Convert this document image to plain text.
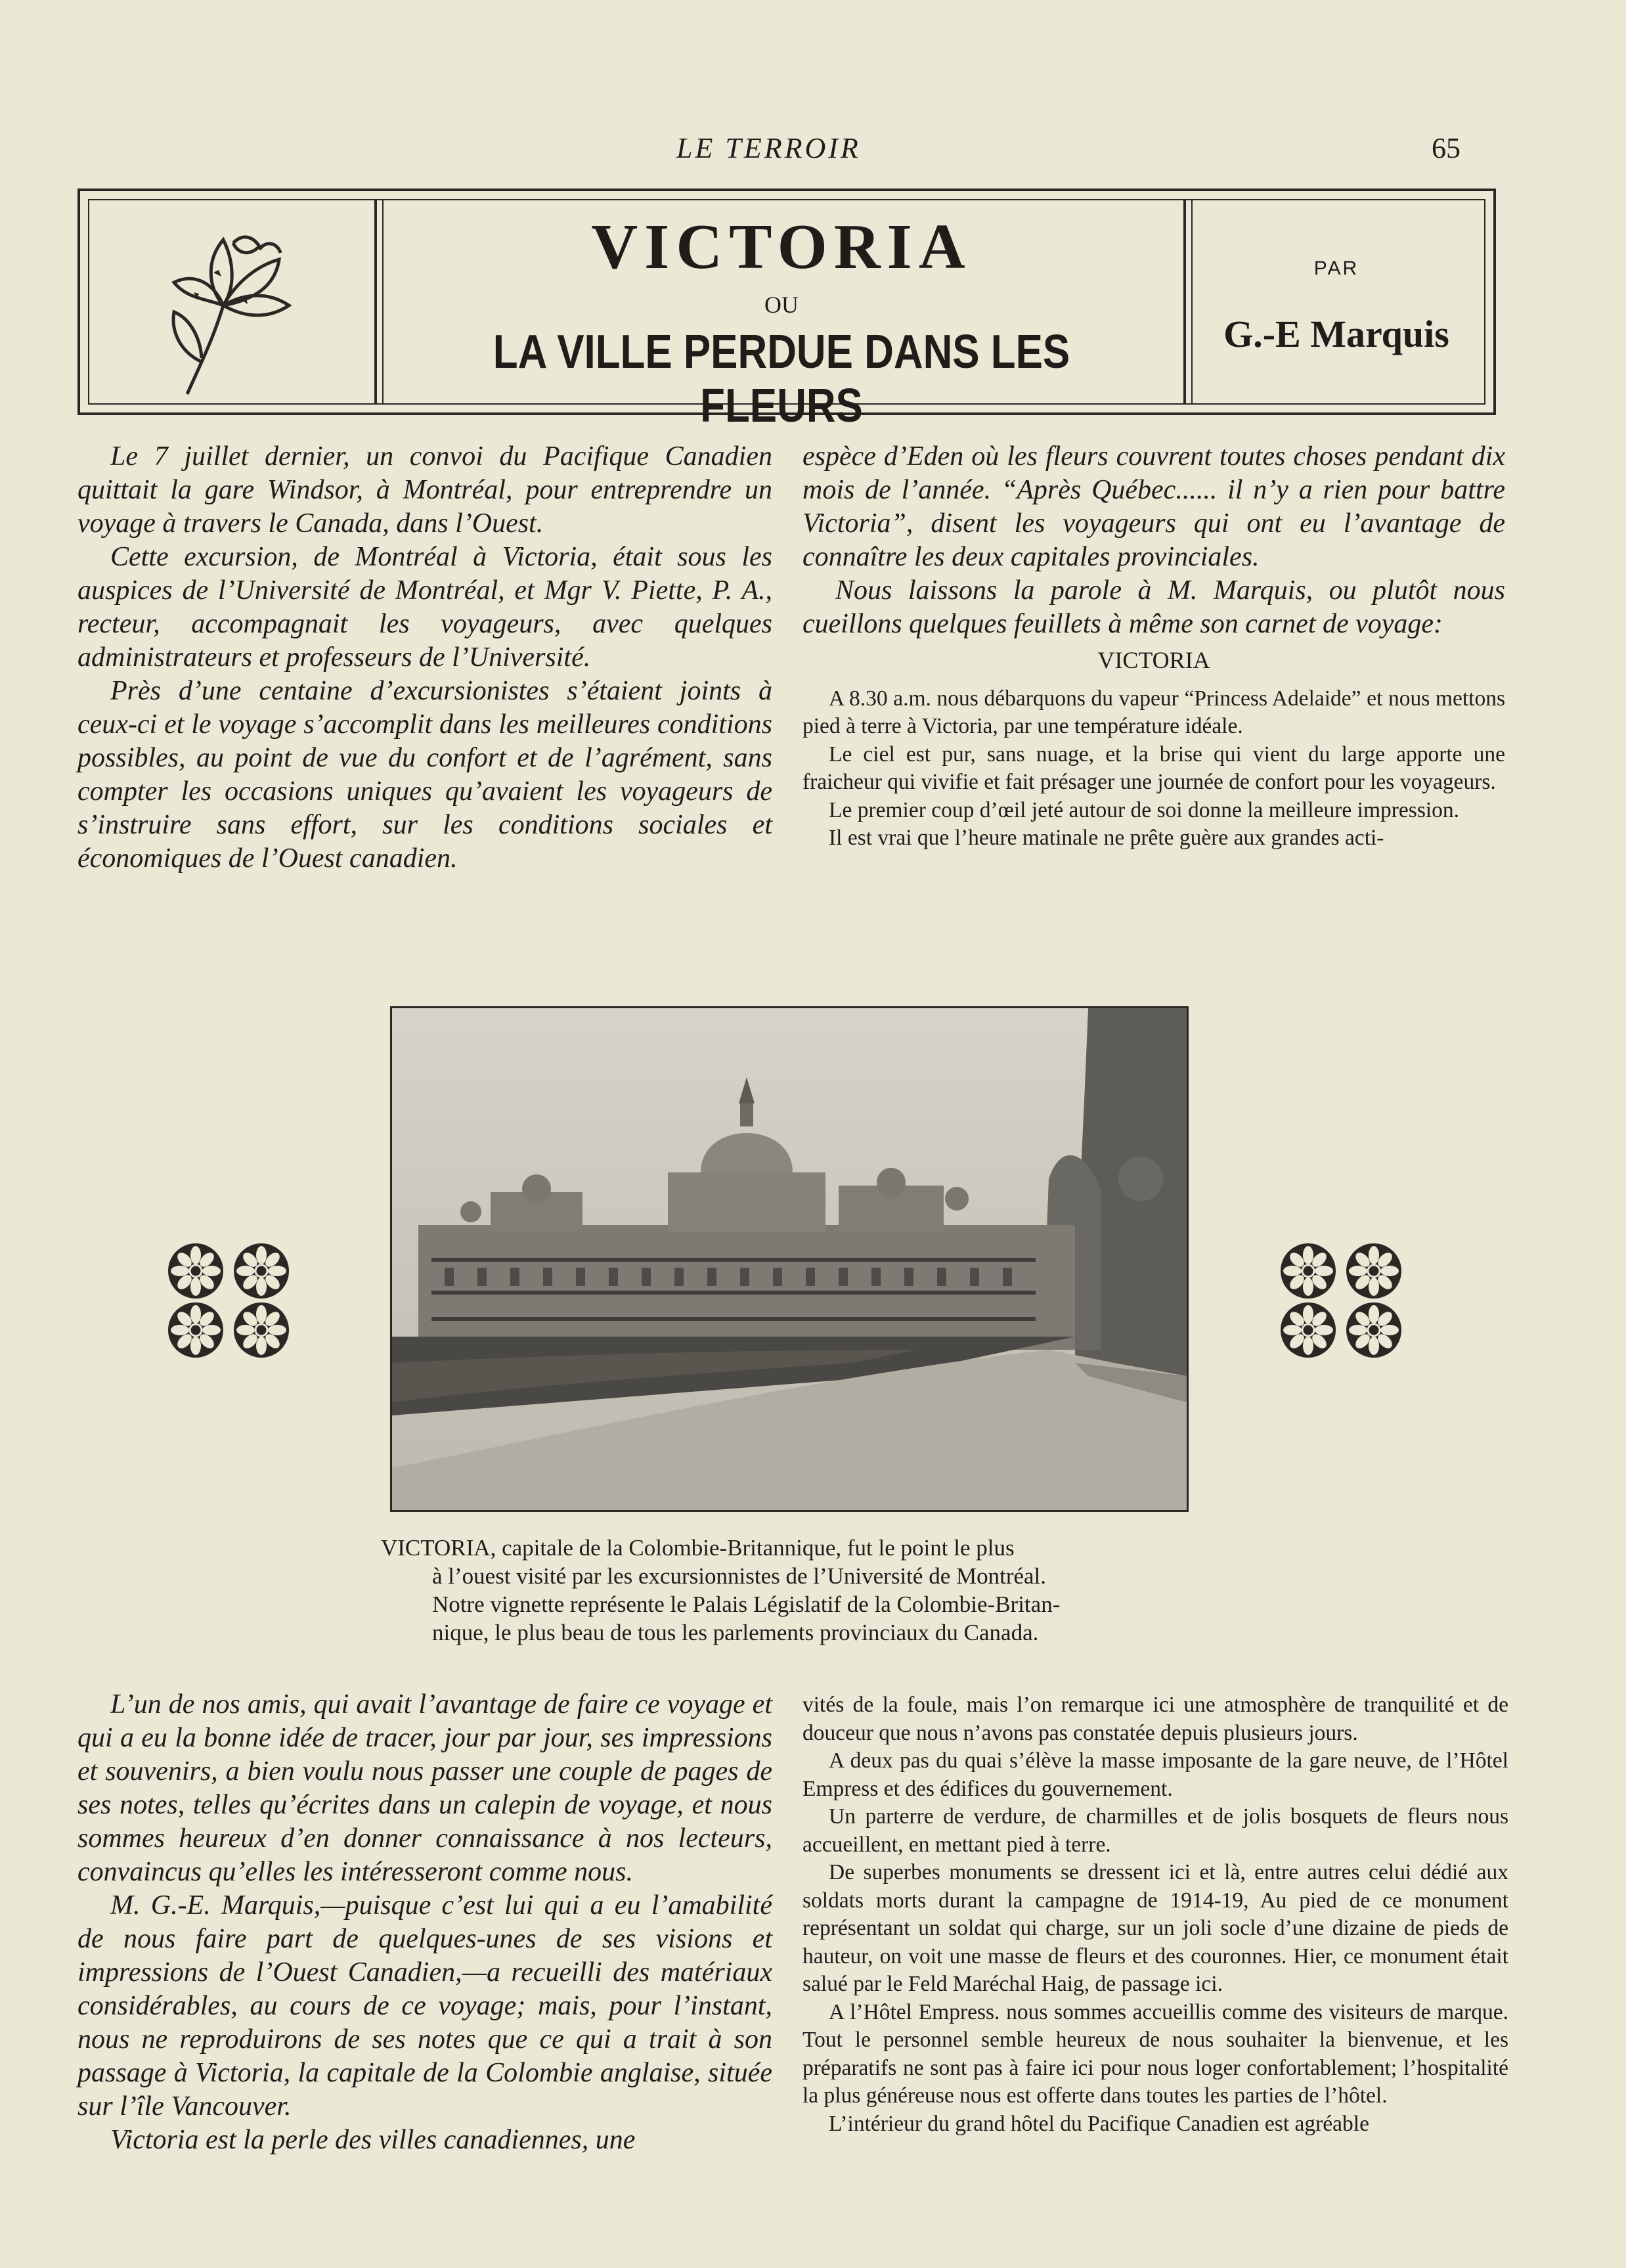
LE TERROIR	65
VICTORIA
OU
LA VILLE PERDUE DANS LES FLEURS
PAR
G.-E Marquis

Le 7 juillet dernier, un convoi du Pacifique Canadien quittait la gare Windsor, à Montréal, pour entreprendre un voyage à travers le Canada, dans l’Ouest.

Cette excursion, de Montréal à Victoria, était sous les auspices de l’Université de Montréal, et Mgr V. Piette, P. A., recteur, accompagnait les voyageurs, avec quelques administrateurs et professeurs de l’Université.

Près d’une centaine d’excursionistes s’étaient joints à ceux-ci et le voyage s’accomplit dans les meilleures conditions possibles, au point de vue du confort et de l’agrément, sans compter les occasions uniques qu’avaient les voyageurs de s’instruire sans effort, sur les conditions sociales et économiques de l’Ouest canadien.

espèce d’Eden où les fleurs couvrent toutes choses pendant dix mois de l’année. “Après Québec...... il n’y a rien pour battre Victoria”, disent les voyageurs qui ont eu l’avantage de connaître les deux capitales provinciales.

Nous laissons la parole à M. Marquis, ou plutôt nous cueillons quelques feuillets à même son carnet de voyage:

VICTORIA

A 8.30 a.m. nous débarquons du vapeur “Princess Adelaide” et nous mettons pied à terre à Victoria, par une température idéale.

Le ciel est pur, sans nuage, et la brise qui vient du large apporte une fraicheur qui vivifie et fait présager une journée de confort pour les voyageurs.

Le premier coup d’œil jeté autour de soi donne la meilleure impression.

Il est vrai que l’heure matinale ne prête guère aux grandes acti-

VICTORIA, capitale de la Colombie-Britannique, fut le point le plus
à l’ouest visité par les excursionnistes de l’Université de Montréal.
Notre vignette représente le Palais Législatif de la Colombie-Britan-
nique, le plus beau de tous les parlements provinciaux du Canada.

L’un de nos amis, qui avait l’avantage de faire ce voyage et qui a eu la bonne idée de tracer, jour par jour, ses impressions et souvenirs, a bien voulu nous passer une couple de pages de ses notes, telles qu’écrites dans un calepin de voyage, et nous sommes heureux d’en donner connaissance à nos lecteurs, convaincus qu’elles les intéresseront comme nous.

M. G.-E. Marquis,—puisque c’est lui qui a eu l’amabilité de nous faire part de quelques-unes de ses visions et impressions de l’Ouest Canadien,—a recueilli des matériaux considérables, au cours de ce voyage; mais, pour l’instant, nous ne reproduirons de ses notes que ce qui a trait à son passage à Victoria, la capitale de la Colombie anglaise, située sur l’île Vancouver.

Victoria est la perle des villes canadiennes, une

vités de la foule, mais l’on remarque ici une atmosphère de tranquilité et de douceur que nous n’avons pas constatée depuis plusieurs jours.

A deux pas du quai s’élève la masse imposante de la gare neuve, de l’Hôtel Empress et des édifices du gouvernement.

Un parterre de verdure, de charmilles et de jolis bosquets de fleurs nous accueillent, en mettant pied à terre.

De superbes monuments se dressent ici et là, entre autres celui dédié aux soldats morts durant la campagne de 1914-19, Au pied de ce monument représentant un soldat qui charge, sur un joli socle d’une dizaine de pieds de hauteur, on voit une masse de fleurs et des couronnes. Hier, ce monument était salué par le Feld Maréchal Haig, de passage ici.

A l’Hôtel Empress. nous sommes accueillis comme des visiteurs de marque. Tout le personnel semble heureux de nous souhaiter la bienvenue, et les préparatifs ne sont pas à faire ici pour nous loger confortablement; l’hospitalité la plus généreuse nous est offerte dans toutes les parties de l’hôtel.

L’intérieur du grand hôtel du Pacifique Canadien est agréable
